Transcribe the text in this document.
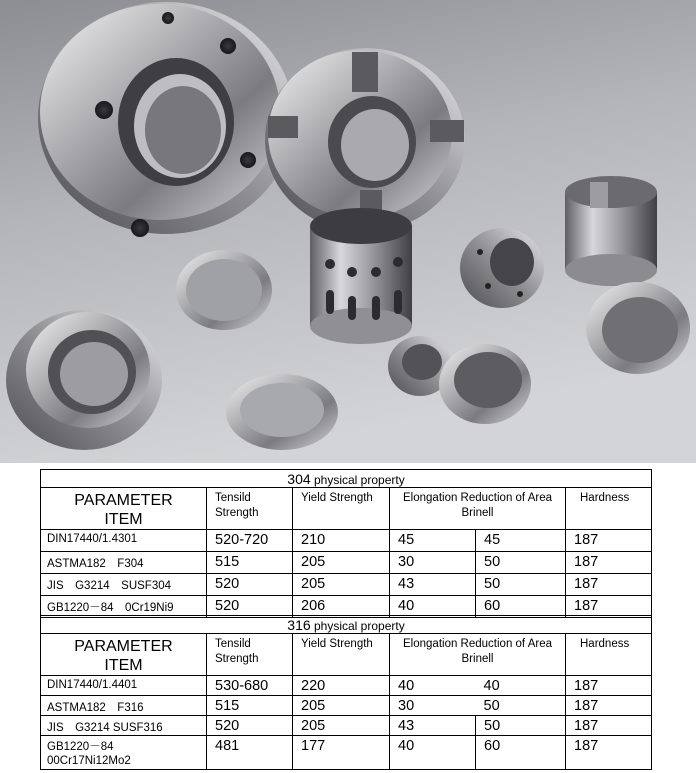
304 physical property					

PARAMETER
ITEM	Tensild Strength	Yield Strength	Elongation Reduction of Area Brinell		Hardness
DIN17440/1.4301	520-720	210	45	45	187
ASTMA182　F304	515	205	30	50	187
JIS　G3214　SUSF304	520	205	43	50	187
GB1220－84　0Cr19Ni9	520	206	40	60	187
316 physical property					

PARAMETER
ITEM	Tensild Strength	Yield Strength	Elongation Reduction of Area Brinell		Hardness
DIN17440/1.4401	530-680	220	40	40	187
ASTMA182　F316	515	205	30	50	187
JIS　G3214 SUSF316	520	205	43	50	187
GB1220－84
00Cr17Ni12Mo2	481	177	40	60	187
